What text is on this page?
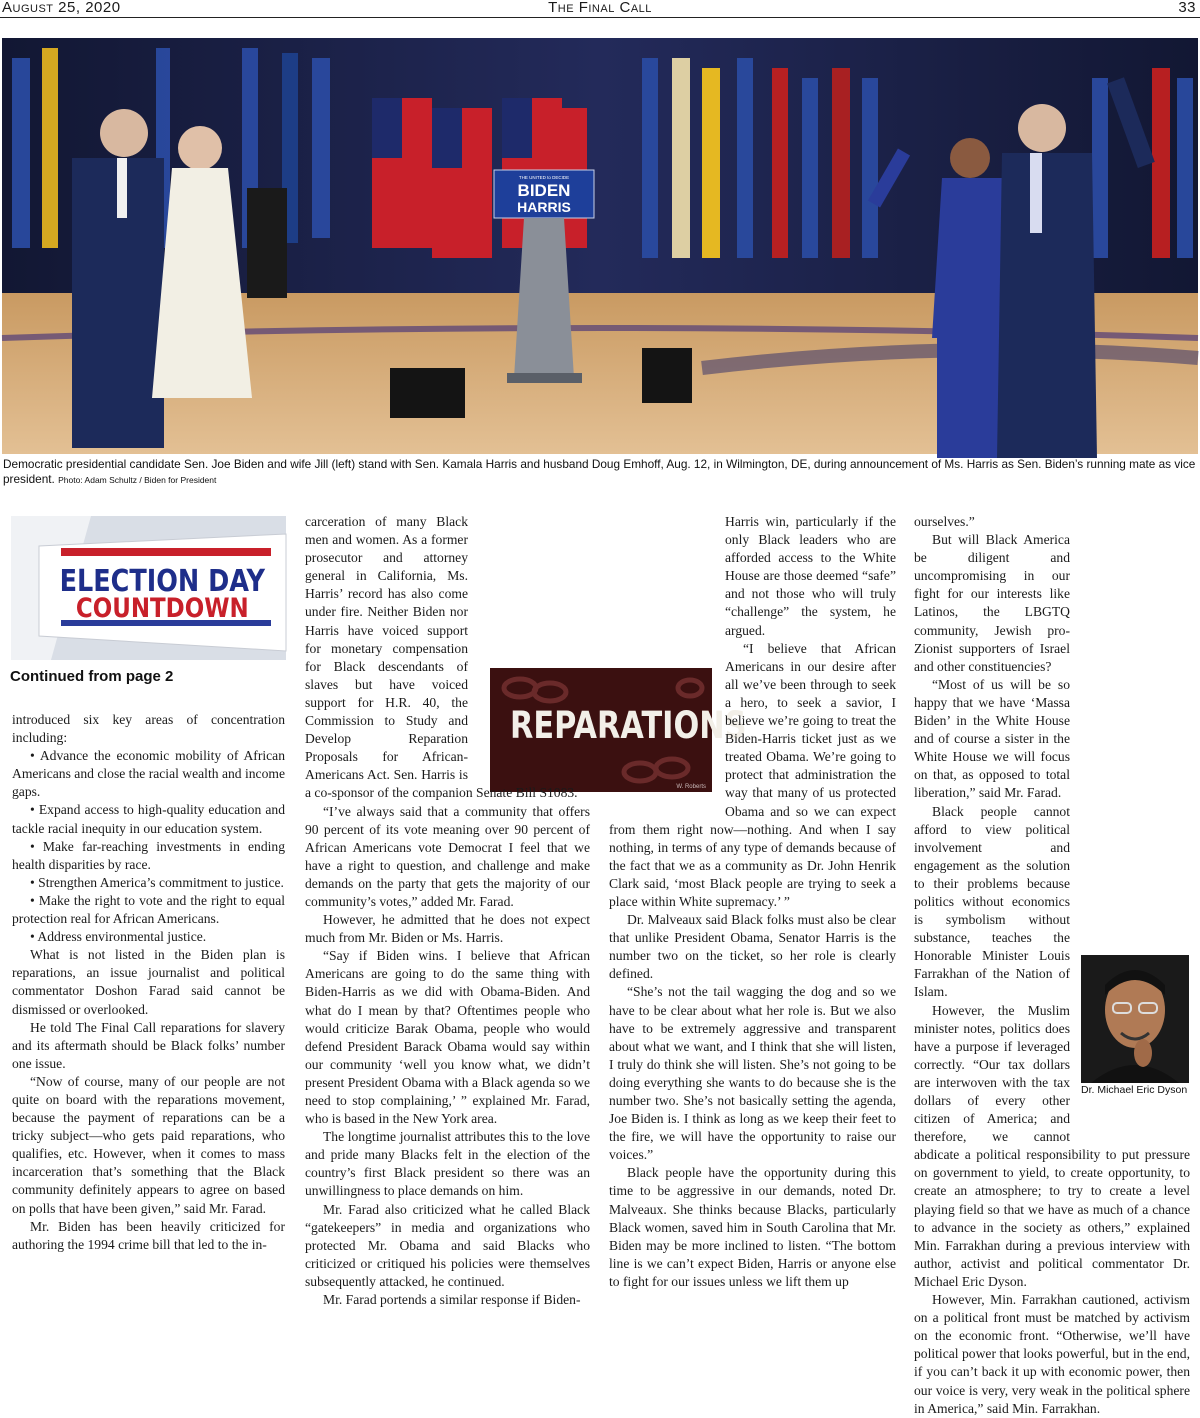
August 25, 2020	The Final Call	33
THE UNITED to DECIDE
BIDEN
HARRIS
Democratic presidential candidate Sen. Joe Biden and wife Jill (left) stand with Sen. Kamala Harris and husband Doug Emhoff, Aug. 12, in Wilmington, DE, during announcement of Ms. Harris as Sen. Biden’s running mate as vice president. Photo: Adam Schultz / Biden for President
ELECTION DAY
COUNTDOWN
Continued from page 2
REPARATIONS
W. Roberts
Dr. Michael Eric Dyson

introduced six key areas of concentration including:

• Advance the economic mobility of African Americans and close the racial wealth and income gaps.

• Expand access to high-quality education and tackle racial inequity in our education system.

• Make far-reaching investments in ending health disparities by race.

• Strengthen America’s commitment to justice.

• Make the right to vote and the right to equal protection real for African Americans.

• Address environmental justice.

What is not listed in the Biden plan is reparations, an issue journalist and political commentator Doshon Farad said cannot be dismissed or overlooked.

He told The Final Call reparations for slavery and its aftermath should be Black folks’ number one issue.

“Now of course, many of our people are not quite on board with the reparations movement, because the payment of reparations can be a tricky subject—who gets paid reparations, who qualifies, etc. However, when it comes to mass incarceration that’s something that the Black community definitely appears to agree on based on polls that have been given,” said Mr. Farad.

Mr. Biden has been heavily criticized for authoring the 1994 crime bill that led to the in-

carceration of many Black men and women. As a former prosecutor and attorney general in California, Ms. Harris’ record has also come under fire. Neither Biden nor Harris have voiced support for monetary compensation for Black descendants of slaves but have voiced support for H.R. 40, the Commission to Study and Develop Reparation Proposals for African-Americans Act. Sen. Harris is a co-sponsor of the companion Senate Bill S1083.

“I’ve always said that a community that offers 90 percent of its vote meaning over 90 percent of African Americans vote Democrat I feel that we have a right to question, and challenge and make demands on the party that gets the majority of our community’s votes,” added Mr. Farad.

However, he admitted that he does not expect much from Mr. Biden or Ms. Harris.

“Say if Biden wins. I believe that African Americans are going to do the same thing with Biden-Harris as we did with Obama-Biden. And what do I mean by that? Oftentimes people who would criticize Barak Obama, people who would defend President Barack Obama would say within our community ‘well you know what, we didn’t present President Obama with a Black agenda so we need to stop complaining,’ ” explained Mr. Farad, who is based in the New York area.

The longtime journalist attributes this to the love and pride many Blacks felt in the election of the country’s first Black president so there was an unwillingness to place demands on him.

Mr. Farad also criticized what he called Black “gatekeepers” in media and organizations who protected Mr. Obama and said Blacks who criticized or critiqued his policies were themselves subsequently attacked, he continued.

Mr. Farad portends a similar response if Biden-

Harris win, particularly if the only Black leaders who are afforded access to the White House are those deemed “safe” and not those who will truly “challenge” the system, he argued.

“I believe that African Americans in our desire after all we’ve been through to seek a hero, to seek a savior, I believe we’re going to treat the Biden-Harris ticket just as we treated Obama. We’re going to protect that administration the way that many of us protected Obama and so we can expect from them right now—nothing. And when I say nothing, in terms of any type of demands because of the fact that we as a community as Dr. John Henrik Clark said, ‘most Black people are trying to seek a place within White supremacy.’ ”

Dr. Malveaux said Black folks must also be clear that unlike President Obama, Senator Harris is the number two on the ticket, so her role is clearly defined.

“She’s not the tail wagging the dog and so we have to be clear about what her role is. But we also have to be extremely aggressive and transparent about what we want, and I think that she will listen, I truly do think she will listen. She’s not going to be doing everything she wants to do because she is the number two. She’s not basically setting the agenda, Joe Biden is. I think as long as we keep their feet to the fire, we will have the opportunity to raise our voices.”

Black people have the opportunity during this time to be aggressive in our demands, noted Dr. Malveaux. She thinks because Blacks, particularly Black women, saved him in South Carolina that Mr. Biden may be more inclined to listen. “The bottom line is we can’t expect Biden, Harris or anyone else to fight for our issues unless we lift them up

ourselves.”

But will Black America be diligent and uncompromising in our fight for our interests like Latinos, the LBGTQ community, Jewish pro-Zionist supporters of Israel and other constituencies?

“Most of us will be so happy that we have ‘Massa Biden’ in the White House and of course a sister in the White House we will focus on that, as opposed to total liberation,” said Mr. Farad.

Black people cannot afford to view political involvement and engagement as the solution to their problems because politics without economics is symbolism without substance, teaches the Honorable Minister Louis Farrakhan of the Nation of Islam.

However, the Muslim minister notes, politics does have a purpose if leveraged correctly. “Our tax dollars are interwoven with the tax dollars of every other citizen of America; and therefore, we cannot abdicate a political responsibility to put pressure on government to yield, to create opportunity, to create an atmosphere; to try to create a level playing field so that we have as much of a chance to advance in the society as others,” explained Min. Farrakhan during a previous interview with author, activist and political commentator Dr. Michael Eric Dyson.

However, Min. Farrakhan cautioned, activism on a political front must be matched by activism on the economic front. “Otherwise, we’ll have political power that looks powerful, but in the end, if you can’t back it up with economic power, then our voice is very, very weak in the political sphere in America,” said Min. Farrakhan.
